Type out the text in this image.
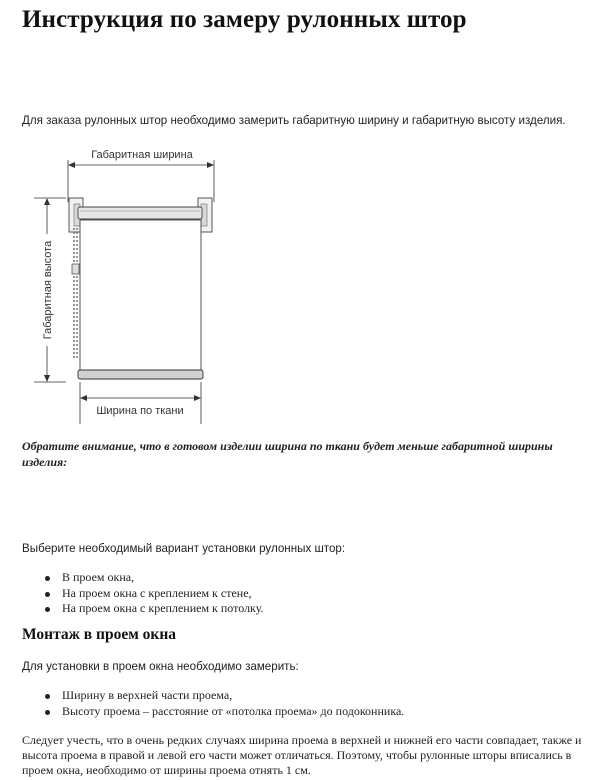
Инструкция по замеру рулонных штор
Для заказа рулонных штор необходимо замерить габаритную ширину и габаритную высоту изделия.
Габаритная ширина
Габаритная высота
Ширина по ткани
Обратите внимание, что в готовом изделии ширина по ткани будет меньше габаритной ширины изделия:
Выберите необходимый вариант установки рулонных штор:
В проем окна,
На проем окна с креплением к стене,
На проем окна с креплением к потолку.
Монтаж в проем окна
Для установки в проем окна необходимо замерить:
Ширину в верхней части проема,
Высоту проема – расстояние от «потолка проема» до подоконника.
Следует учесть, что в очень редких случаях ширина проема в верхней и нижней его части совпадает, также и высота проема в правой и левой его части может отличаться. Поэтому, чтобы рулонные шторы вписались в проем окна, необходимо от ширины проема отнять 1 см.
